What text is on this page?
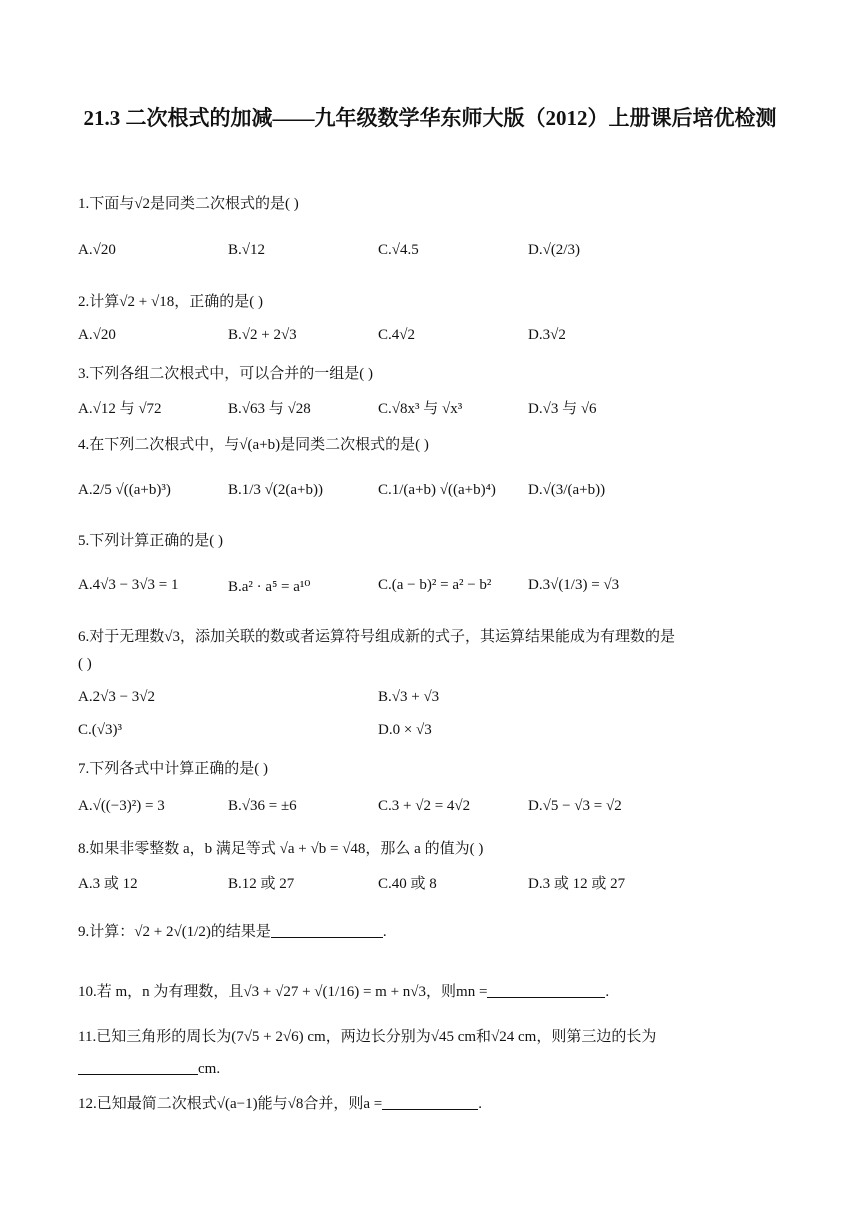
21.3 二次根式的加减——九年级数学华东师大版（2012）上册课后培优检测
1.下面与√2是同类二次根式的是( )
A.√20	B.√12	C.√4.5	D.√(2/3)
2.计算√2 + √18，正确的是( )
A.√20	B.√2 + 2√3	C.4√2	D.3√2
3.下列各组二次根式中，可以合并的一组是( )
A.√12 与 √72	B.√63 与 √28	C.√8x³ 与 √x³	D.√3 与 √6
4.在下列二次根式中，与√(a+b)是同类二次根式的是( )
A.2/5 √((a+b)³)	B.1/3 √(2(a+b))	C.1/(a+b) √((a+b)⁴) D.√(3/(a+b))
5.下列计算正确的是( )
A.4√3 − 3√3 = 1	B.a² · a⁵ = a¹⁰	C.(a − b)² = a² − b² D.3√(1/3) = √3
6.对于无理数√3，添加关联的数或者运算符号组成新的式子，其运算结果能成为有理数的是
( )
A.2√3 − 3√2	B.√3 + √3
C.(√3)³	D.0 × √3
7.下列各式中计算正确的是( )
A.√((−3)²) = 3	B.√36 = ±6	C.3 + √2 = 4√2	D.√5 − √3 = √2
8.如果非零整数 a，b 满足等式 √a + √b = √48，那么 a 的值为( )
A.3 或 12	B.12 或 27	C.40 或 8	D.3 或 12 或 27
9.计算：√2 + 2√(1/2)的结果是	.
10.若 m，n 为有理数，且√3 + √27 + √(1/16) = m + n√3，则mn =	.
11.已知三角形的周长为(7√5 + 2√6) cm，两边长分别为√45 cm和√24 cm，则第三边的长为
cm.
12.已知最简二次根式√(a−1)能与√8合并，则a =	.
